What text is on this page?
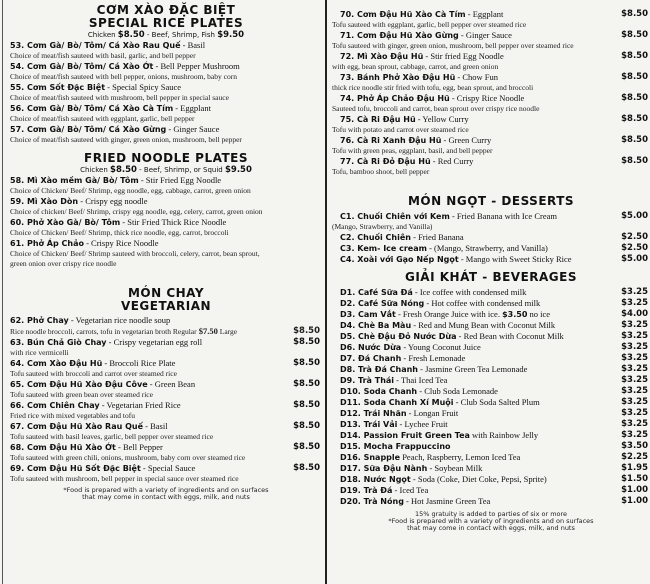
CƠM XÀO ĐẶC BIỆT
SPECIAL RICE PLATES
Chicken $8.50 - Beef, Shrimp, Fish $9.50
53. Cơm Gà/ Bò/ Tôm/ Cá Xào Rau Quế - Basil
Choice of meat/fish sauteed with basil, garlic, and bell pepper
54. Cơm Gà/ Bò/ Tôm/ Cá Xào Ớt - Bell Pepper Mushroom
Choice of meat/fish sauteed with bell pepper, onions, mushroom, baby corn
55. Cơm Sốt Đặc Biệt - Special Spicy Sauce
Choice of meat/fish sauteed with mushroom, bell pepper in special sauce
56. Cơm Gà/ Bò/ Tôm/ Cá Xào Cà Tím - Eggplant
Choice of meat/fish sauteed with eggplant, garlic, bell pepper
57. Cơm Gà/ Bò/ Tôm/ Cá Xào Gừng - Ginger Sauce
Choice of meat/fish sauteed with ginger, green onion, mushroom, bell pepper
FRIED NOODLE PLATES
Chicken $8.50 - Beef, Shrimp, or Squid $9.50
58. Mì Xào mềm Gà/ Bò/ Tôm - Stir Fried Egg Noodle
Choice of Chicken/ Beef/ Shrimp, egg noodle, egg, cabbage, carrot, green onion
59. Mì Xào Dòn - Crispy egg noodle
Choice of chicken/ Beef/ Shrimp, crispy egg noodle, egg, celery, carrot, green onion
60. Phở Xào Gà/ Bò/ Tôm - Stir Fried Thick Rice Noodle
Choice of Chicken/ Beef/ Shrimp, thick rice noodle, egg, carrot, broccoli
61. Phở Áp Chảo - Crispy Rice Noodle
Choice of Chicken/ Beef/ Shrimp sauteed with broccoli, celery, carrot, bean sprout,
green onion over crispy rice noodle
MÓN CHAY
VEGETARIAN
62. Phở Chay - Vegetarian rice noodle soup
Rice noodle broccoli, carrots, tofu in vegetarian broth Regular $7.50 Large	$8.50
63. Bún Chả Giò Chay - Crispy vegetarian egg roll	$8.50
with rice vermicelli
64. Cơm Xào Đậu Hũ - Broccoli Rice Plate	$8.50
Tofu sauteed with broccoli and carrot over steamed rice
65. Cơm Đậu Hũ Xào Đậu Côve - Green Bean	$8.50
Tofu sauteed with green bean over steamed rice
66. Cơm Chiên Chay - Vegetarian Fried Rice	$8.50
Fried rice with mixed vegetables and tofu
67. Cơm Đậu Hũ Xào Rau Quế - Basil	$8.50
Tofu sauteed with basil leaves, garlic, bell pepper over steamed rice
68. Cơm Đậu Hũ Xào Ớt - Bell Pepper	$8.50
Tofu sauteed with green chili, onions, mushroom, baby corn over steamed rice
69. Cơm Đậu Hũ Sốt Đặc Biệt - Special Sauce	$8.50
Tofu sauteed with mushroom, bell pepper in special sauce over steamed rice
*Food is prepared with a variety of ingredients and on surfaces
that may come in contact with eggs, milk, and nuts
70. Cơm Đậu Hũ Xào Cà Tím - Eggplant	$8.50
Tofu sauteed with eggplant, garlic, bell pepper over steamed rice
71. Cơm Đậu Hũ Xào Gừng - Ginger Sauce	$8.50
Tofu sauteed with ginger, green onion, mushroom, bell pepper over steamed rice
72. Mì Xào Đậu Hũ - Stir fried Egg Noodle	$8.50
with egg, bean sprout, cabbage, carrot, and green onion
73. Bánh Phở Xào Đậu Hũ - Chow Fun	$8.50
thick rice noodle stir fried with tofu, egg, bean sprout, and broccoli
74. Phở Áp Chảo Đậu Hũ - Crispy Rice Noodle	$8.50
Sauteed tofu, broccoli and carrot, bean sprout over crispy rice noodle
75. Cà Ri Đậu Hũ - Yellow Curry	$8.50
Tofu with potato and carrot over steamed rice
76. Cà Ri Xanh Đậu Hũ - Green Curry	$8.50
Tofu with green peas, eggplant, basil, and bell pepper
77. Cà Ri Đỏ Đậu Hũ - Red Curry	$8.50
Tofu, bamboo shoot, bell pepper
MÓN NGỌT - DESSERTS
C1. Chuối Chiên với Kem - Fried Banana with Ice Cream	$5.00
(Mango, Strawberry, and Vanilla)
C2. Chuối Chiên - Fried Banana	$2.50
C3. Kem- Ice cream - (Mango, Strawberry, and Vanilla)	$2.50
C4. Xoài với Gạo Nếp Ngọt - Mango with Sweet Sticky Rice	$5.00
GIẢI KHÁT - BEVERAGES
D1. Café Sữa Đá - Ice coffee with condensed milk	$3.25
D2. Café Sữa Nóng - Hot coffee with condensed milk	$3.25
D3. Cam Vắt - Fresh Orange Juice with ice. $3.50 no ice	$4.00
D4. Chè Ba Màu - Red and Mung Bean with Coconut Milk	$3.25
D5. Chè Đậu Đỏ Nước Dừa - Red Bean with Coconut Milk	$3.25
D6. Nước Dừa - Young Coconut Juice	$3.25
D7. Đá Chanh - Fresh Lemonade	$3.25
D8. Trà Đá Chanh - Jasmine Green Tea Lemonade	$3.25
D9. Trà Thái - Thai Iced Tea	$3.25
D10. Soda Chanh - Club Soda Lemonade	$3.25
D11. Soda Chanh Xí Muội - Club Soda Salted Plum	$3.25
D12. Trái Nhãn - Longan Fruit	$3.25
D13. Trái Vải - Lychee Fruit	$3.25
D14. Passion Fruit Green Tea with Rainbow Jelly	$3.25
D15. Mocha Frappuccino	$3.50
D16. Snapple Peach, Raspberry, Lemon Iced Tea	$2.25
D17. Sữa Đậu Nành - Soybean Milk	$1.95
D18. Nước Ngọt - Soda (Coke, Diet Coke, Pepsi, Sprite)	$1.50
D19. Trà Đá - Iced Tea	$1.00
D20. Trà Nóng - Hot Jasmine Green Tea	$1.00
15% gratuity is added to parties of six or more
*Food is prepared with a variety of ingredients and on surfaces
that may come in contact with eggs, milk, and nuts
